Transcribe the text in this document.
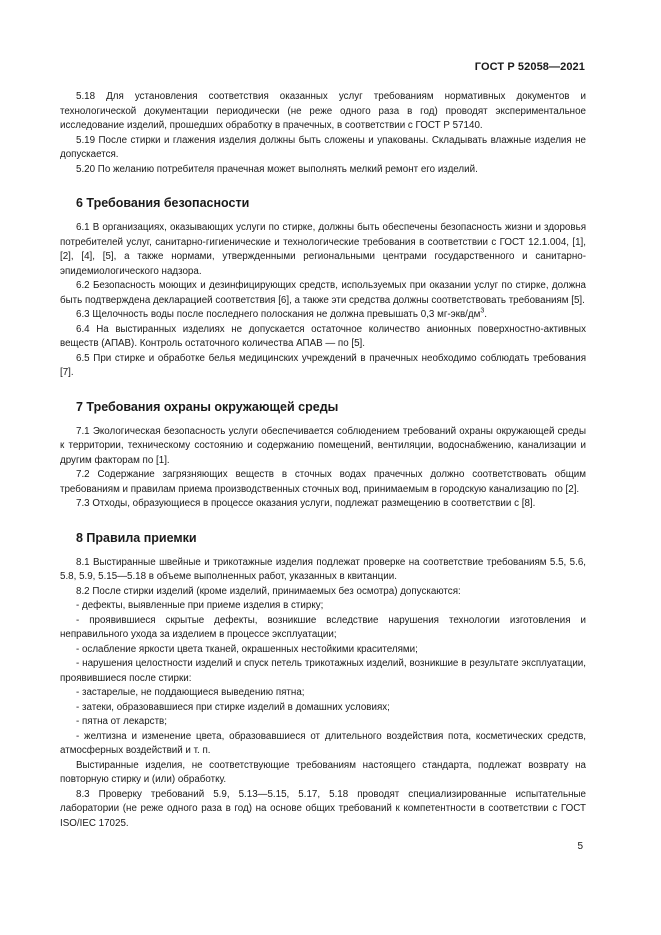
ГОСТ Р 52058—2021

5.18 Для установления соответствия оказанных услуг требованиям нормативных документов и технологической документации периодически (не реже одного раза в год) проводят экспериментальное исследование изделий, прошедших обработку в прачечных, в соответствии с ГОСТ Р 57140.

5.19 После стирки и глажения изделия должны быть сложены и упакованы. Складывать влажные изделия не допускается.

5.20 По желанию потребителя прачечная может выполнять мелкий ремонт его изделий.

6 Требования безопасности

6.1 В организациях, оказывающих услуги по стирке, должны быть обеспечены безопасность жизни и здоровья потребителей услуг, санитарно-гигиенические и технологические требования в соответствии с ГОСТ 12.1.004, [1], [2], [4], [5], а также нормами, утвержденными региональными центрами государственного и санитарно-эпидемиологического надзора.

6.2 Безопасность моющих и дезинфицирующих средств, используемых при оказании услуг по стирке, должна быть подтверждена декларацией соответствия [6], а также эти средства должны соответствовать требованиям [5].

6.3 Щелочность воды после последнего полоскания не должна превышать 0,3 $мг-экв/дм^3$.

6.4 На выстиранных изделиях не допускается остаточное количество анионных поверхностно-активных веществ (АПАВ). Контроль остаточного количества АПАВ — по [5].

6.5 При стирке и обработке белья медицинских учреждений в прачечных необходимо соблюдать требования [7].

7 Требования охраны окружающей среды

7.1 Экологическая безопасность услуги обеспечивается соблюдением требований охраны окружающей среды к территории, техническому состоянию и содержанию помещений, вентиляции, водоснабжению, канализации и другим факторам по [1].

7.2 Содержание загрязняющих веществ в сточных водах прачечных должно соответствовать общим требованиям и правилам приема производственных сточных вод, принимаемым в городскую канализацию по [2].

7.3 Отходы, образующиеся в процессе оказания услуги, подлежат размещению в соответствии с [8].

8 Правила приемки

8.1 Выстиранные швейные и трикотажные изделия подлежат проверке на соответствие требованиям 5.5, 5.6, 5.8, 5.9, 5.15—5.18 в объеме выполненных работ, указанных в квитанции.

8.2 После стирки изделий (кроме изделий, принимаемых без осмотра) допускаются:

- дефекты, выявленные при приеме изделия в стирку;

- проявившиеся скрытые дефекты, возникшие вследствие нарушения технологии изготовления и неправильного ухода за изделием в процессе эксплуатации;

- ослабление яркости цвета тканей, окрашенных нестойкими красителями;

- нарушения целостности изделий и спуск петель трикотажных изделий, возникшие в результате эксплуатации, проявившиеся после стирки:

- застарелые, не поддающиеся выведению пятна;

- затеки, образовавшиеся при стирке изделий в домашних условиях;

- пятна от лекарств;

- желтизна и изменение цвета, образовавшиеся от длительного воздействия пота, косметических средств, атмосферных воздействий и т. п.

Выстиранные изделия, не соответствующие требованиям настоящего стандарта, подлежат возврату на повторную стирку и (или) обработку.

8.3 Проверку требований 5.9, 5.13—5.15, 5.17, 5.18 проводят специализированные испытательные лаборатории (не реже одного раза в год) на основе общих требований к компетентности в соответствии с ГОСТ ISO/IEC 17025.

5
